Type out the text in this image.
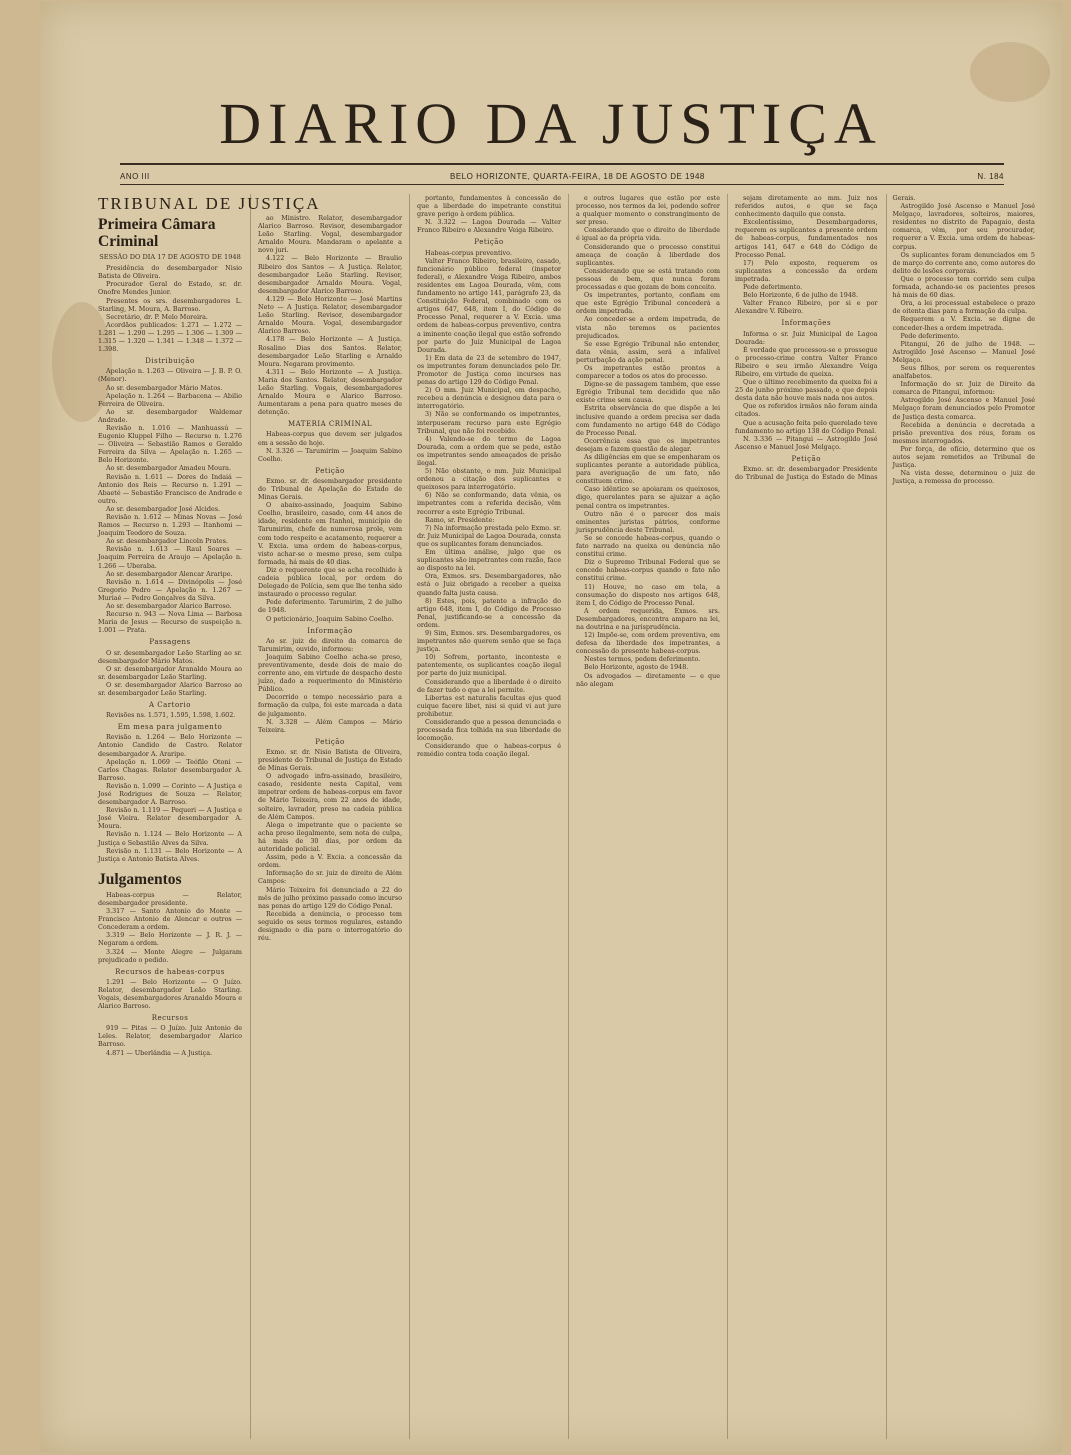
DIARIO DA JUSTIÇA
ANO III	BELO HORIZONTE, QUARTA-FEIRA, 18 DE AGOSTO DE 1948	N. 184
TRIBUNAL DE JUSTIÇA
Primeira Câmara Criminal
SESSÃO DO DIA 17 DE AGOSTO DE 1948

Presidência do desembargador Nisio Batista de Oliveira.

Procurador Geral do Estado, sr. dr. Onofre Mendes Junior.

Presentes os srs. desembargadores L. Starling, M. Moura, A. Barroso.

Secretário, dr. P. Melo Moreira.

Acordãos publicados: 1.271 — 1.272 — 1.281 — 1.290 — 1.295 — 1.306 — 1.309 — 1.315 — 1.320 — 1.341 — 1.348 — 1.372 — 1.398.

Distribuição

Apelação n. 1.263 — Oliveira — J. B. P. O. (Menor).

Ao sr. desembargador Mário Matos.

Apelação n. 1.264 — Barbacena — Abilio Ferreira de Oliveira.

Ao sr. desembargador Waldemar Andrade.

Revisão n. 1.016 — Manhuassú — Eugenio Kluppel Filho — Recurso n. 1.276 — Oliveira — Sebastião Ramos e Geraldo Ferreira da Silva — Apelação n. 1.265 — Belo Horizonte.

Ao sr. desembargador Amadeu Moura.

Revisão n. 1.611 — Dores do Indaiá — Antonio dos Reis — Recurso n. 1.291 — Abaeté — Sebastião Francisco de Andrade e outro.

Ao sr. desembargador José Alcides.

Revisão n. 1.612 — Minas Novas — José Ramos — Recurso n. 1.293 — Itanhomi — Joaquim Teodoro de Souza.

Ao sr. desembargador Lincoln Prates.

Revisão n. 1.613 — Raul Soares — Joaquim Ferreira de Araujo — Apelação n. 1.266 — Uberaba.

Ao sr. desembargador Alencar Araripe.

Revisão n. 1.614 — Divinópolis — José Gregorio Pedro — Apelação n. 1.267 — Muriaé — Pedro Gonçalves da Silva.

Ao sr. desembargador Alarico Barroso.

Recurso n. 943 — Nova Lima — Barbosa Maria de Jesus — Recurso de suspeição n. 1.001 — Prata.

Passagens

O sr. desembargador Leão Starling ao sr. desembargador Mário Matos.

O sr. desembargador Aranaldo Moura ao sr. desembargador Leão Starling.

O sr. desembargador Alarico Barroso ao sr. desembargador Leão Starling.

A Cartorio

Revisões ns. 1.571, 1.595, 1.598, 1.602.

Em mesa para julgamento

Revisão n. 1.264 — Belo Horizonte — Antonio Candido de Castro. Relator desembargador A. Araripe.

Apelação n. 1.069 — Teófilo Otoni — Carlos Chagas. Relator desembargador A. Barroso.

Revisão n. 1.099 — Corinto — A Justiça e José Rodrigues de Souza — Relator, desembargador A. Barroso.

Revisão n. 1.119 — Pequeri — A Justiça e José Vieira. Relator desembargador A. Moura.

Revisão n. 1.124 — Belo Horizonte — A Justiça e Sebastião Alves da Silva.

Revisão n. 1.131 — Belo Horizonte — A Justiça e Antonio Batista Alves.

Julgamentos

Habeas-corpus — Relator, desembargador presidente.

3.317 — Santo Antonio do Monte — Francisco Antonio de Alencar e outros — Concederam a ordem.

3.319 — Belo Horizonte — J. R. J. — Negaram a ordem.

3.324 — Monte Alegre — Julgaram prejudicado o pedido.

Recursos de habeas-corpus

1.291 — Belo Horizonte — O Juízo. Relator, desembargador Leão Starling. Vogais, desembargadores Aranaldo Moura e Alarico Barroso.

Recursos

919 — Pitas — O Juízo. Juiz Antonio de Leles. Relator, desembargador Alarico Barroso.

4.871 — Uberlândia — A Justiça.

ao Ministro. Relator, desembargador Alarico Barroso. Revisor, desembargador Leão Starling. Vogal, desembargador Arnaldo Moura. Mandaram o apelante a novo juri.

4.122 — Belo Horizonte — Braulio Ribeiro dos Santos — A Justiça. Relator, desembargador Leão Starling. Revisor, desembargador Arnaldo Moura. Vogal, desembargador Alarico Barroso.

4.129 — Belo Horizonte — José Martins Neto — A Justiça. Relator, desembargador Leão Starling. Revisor, desembargador Arnaldo Moura. Vogal, desembargador Alarico Barroso.

4.178 — Belo Horizonte — A Justiça. Rosalino Dias dos Santos. Relator, desembargador Leão Starling e Arnaldo Moura. Negaram provimento.

4.311 — Belo Horizonte — A Justiça. Maria dos Santos. Relator, desembargador Leão Starling. Vogais, desembargadores Arnaldo Moura e Alarico Barroso. Aumentaram a pena para quatro meses de detenção.

MATERIA CRIMINAL

Habeas-corpus que devem ser julgados em a sessão de hoje.

N. 3.326 — Tarumirim — Joaquim Sabino Coelho.

Petição

Exmo. sr. dr. desembargador presidente do Tribunal de Apelação do Estado de Minas Gerais.

O abaixo-assinado, Joaquim Sabino Coelho, brasileiro, casado, com 44 anos de idade, residente em Itanhoi, município de Tarumirim, chefe de numerosa prole, vem com todo respeito e acatamento, requerer a V. Excia. uma ordem de habeas-corpus, visto achar-se o mesmo preso, sem culpa formada, há mais de 40 dias.

Diz o requerente que se acha recolhido à cadeia pública local, por ordem do Delegado de Polícia, sem que lhe tenha sido instaurado o processo regular.

Pede deferimento. Tarumirim, 2 de julho de 1948.

O peticionário, Joaquim Sabino Coelho.

Informação

Ao sr. juiz de direito da comarca de Tarumirim, ouvido, informou:

Joaquim Sabino Coelho acha-se preso, preventivamente, desde dois de maio do corrente ano, em virtude de despacho deste juízo, dado a requerimento do Ministério Público.

Decorrido o tempo necessário para a formação da culpa, foi este marcada a data de julgamento.

N. 3.328 — Além Campos — Mário Teixeira.

Petição

Exmo. sr. dr. Nisio Batista de Oliveira, presidente do Tribunal de Justiça do Estado de Minas Gerais.

O advogado infra-assinado, brasileiro, casado, residente nesta Capital, vem impetrar ordem de habeas-corpus em favor de Mário Teixeira, com 22 anos de idade, solteiro, lavrador, preso na cadeia pública de Além Campos.

Alega o impetrante que o paciente se acha preso ilegalmente, sem nota de culpa, há mais de 30 dias, por ordem da autoridade policial.

Assim, pede a V. Excia. a concessão da ordem.

Informação do sr. juiz de direito de Além Campos:

Mário Teixeira foi denunciado a 22 do mês de julho próximo passado como incurso nas penas do artigo 129 do Código Penal.

Recebida a denúncia, o processo tem seguido os seus termos regulares, estando designado o dia para o interrogatório do réu.

portanto, fundamentos à concessão de que a liberdade do impetrante constitui grave perigo à ordem pública.

N. 3.322 — Lagoa Dourada — Valter Franco Ribeiro e Alexandre Veiga Ribeiro.

Petição

Habeas-corpus preventivo.

Valter Franco Ribeiro, brasileiro, casado, funcionário público federal (inspetor federal), e Alexandre Veiga Ribeiro, ambos residentes em Lagoa Dourada, vêm, com fundamento no artigo 141, parágrafo 23, da Constituição Federal, combinado com os artigos 647, 648, item I, do Código de Processo Penal, requerer a V. Excia. uma ordem de habeas-corpus preventivo, contra a iminente coação ilegal que estão sofrendo por parte do Juiz Municipal de Lagoa Dourada.

1) Em data de 23 de setembro de 1947, os impetrantes foram denunciados pelo Dr. Promotor de Justiça como incursos nas penas do artigo 129 do Código Penal.

2) O mm. Juiz Municipal, em despacho, recebeu a denúncia e designou data para o interrogatório.

3) Não se conformando os impetrantes, interpuseram recurso para este Egrégio Tribunal, que não foi recebido.

4) Valendo-se do termo de Lagoa Dourada, com a ordem que se pede, estão os impetrantes sendo ameaçados de prisão ilegal.

5) Não obstante, o mm. Juiz Municipal ordenou a citação dos suplicantes e queixosos para interrogatório.

6) Não se conformando, data vênia, os impetrantes com a referida decisão, vêm recorrer a este Egrégio Tribunal.

Ramo, sr. Presidente:

7) Na informação prestada pelo Exmo. sr. dr. Juiz Municipal de Lagoa Dourada, consta que os suplicantes foram denunciados.

Em última análise, julgo que os suplicantes são impetrantes com razão, face ao disposto na lei.

Ora, Exmos. srs. Desembargadores, não está o Juiz obrigado a receber a queixa quando falta justa causa.

8) Estes, pois, patente a infração do artigo 648, item I, do Código de Processo Penal, justificando-se a concessão da ordem.

9) Sim, Exmos. srs. Desembargadores, os impetrantes não querem senão que se faça justiça.

10) Sofrem, portanto, inconteste e patentemente, os suplicantes coação ilegal por parte do juiz municipal.

Considerando que a liberdade é o direito de fazer tudo o que a lei permite.

Libertas est naturalis facultas ejus quod cuique facere libet, nisi si quid vi aut jure prohibetur.

Considerando que a pessoa denunciada e processada fica tolhida na sua liberdade de locomoção.

Considerando que o habeas-corpus é remédio contra toda coação ilegal.

e outros lugares que estão por este processo, nos termos da lei, podendo sofrer a qualquer momento o constrangimento de ser preso.

Considerando que o direito de liberdade é igual ao da própria vida.

Considerando que o processo constitui ameaça de coação à liberdade dos suplicantes.

Considerando que se está tratando com pessoas de bem, que nunca foram processadas e que gozam de bom conceito.

Os impetrantes, portanto, confiam em que este Egrégio Tribunal concederá a ordem impetrada.

Ao conceder-se a ordem impetrada, de vista não teremos os pacientes prejudicados.

Se esse Egrégio Tribunal não entender, data vênia, assim, será a infalível perturbação da ação penal.

Os impetrantes estão prontos a comparecer a todos os atos do processo.

Digne-se de passagem também, que esse Egrégio Tribunal tem decidido que não existe crime sem causa.

Estrita observância do que dispõe a lei inclusive quando a ordem precisa ser dada com fundamento no artigo 648 do Código de Processo Penal.

Ocorrência essa que os impetrantes desejam e fazem questão de alegar.

As diligências em que se empenharam os suplicantes perante a autoridade pública, para averiguação de um fato, não constituem crime.

Caso idêntico se apoiaram os queixosos, digo, querelantes para se ajuizar a ação penal contra os impetrantes.

Outro não é o parecer dos mais eminentes juristas pátrios, conforme jurisprudência deste Tribunal.

Se se concede habeas-corpus, quando o fato narrado na queixa ou denúncia não constitui crime.

Diz o Supremo Tribunal Federal que se concede habeas-corpus quando o fato não constitui crime.

11) Houve, no caso em tela, a consumação do disposto nos artigos 648, item I, do Código de Processo Penal.

A ordem requerida, Exmos. srs. Desembargadores, encontra amparo na lei, na doutrina e na jurisprudência.

12) Impõe-se, com ordem preventiva, em defesa da liberdade dos impetrantes, a concessão do presente habeas-corpus.

Nestes termos, pedem deferimento.

Belo Horizonte, agosto de 1948.

Os advogados — diretamente — e que não alegam

sejam diretamente ao mm. Juiz nos referidos autos, e que se faça conhecimento daquilo que consta.

Excelentíssimo, Desembargadores, requerem os suplicantes a presente ordem de habeas-corpus, fundamentados nos artigos 141, 647 e 648 do Código de Processo Penal.

17) Pelo exposto, requerem os suplicantes a concessão da ordem impetrada.

Pede deferimento.

Belo Horizonte, 6 de julho de 1948.

Valter Franco Ribeiro, por si e por Alexandre V. Ribeiro.

Informações

Informa o sr. Juiz Municipal de Lagoa Dourada:

É verdade que processou-se e prossegue o processo-crime contra Valter Franco Ribeiro e seu irmão Alexandre Veiga Ribeiro, em virtude de queixa.

Que o último recebimento da queixa foi a 25 de junho próximo passado, e que depois desta data não houve mais nada nos autos.

Que os referidos irmãos não foram ainda citados.

Que a acusação feita pelo querelado teve fundamento no artigo 138 do Código Penal.

N. 3.336 — Pitangui — Astrogildo José Ascenso e Manuel José Melgaço.

Petição

Exmo. sr. dr. desembargador Presidente do Tribunal de Justiça do Estado de Minas Gerais.

Astrogildo José Ascenso e Manuel José Melgaço, lavradores, solteiros, maiores, residentes no distrito de Papagaio, desta comarca, vêm, por seu procurador, requerer a V. Excia. uma ordem de habeas-corpus.

Os suplicantes foram denunciados em 5 de março do corrente ano, como autores do delito de lesões corporais.

Que o processo tem corrido sem culpa formada, achando-se os pacientes presos há mais de 60 dias.

Ora, a lei processual estabelece o prazo de oitenta dias para a formação da culpa.

Requerem a V. Excia. se digne de conceder-lhes a ordem impetrada.

Pede deferimento.

Pitangui, 26 de julho de 1948. — Astrogildo José Ascenso — Manuel José Melgaço.

Seus filhos, por serem os requerentes analfabetos.

Informação do sr. Juiz de Direito da comarca de Pitangui, informou:

Astrogildo José Ascenso e Manuel José Melgaço foram denunciados pelo Promotor de Justiça desta comarca.

Recebida a denúncia e decretada a prisão preventiva dos réus, foram os mesmos interrogados.

Por força, de ofício, determino que os autos sejam remetidos ao Tribunal de Justiça.

Na vista desse, determinou o juiz de Justiça, a remessa do processo.
